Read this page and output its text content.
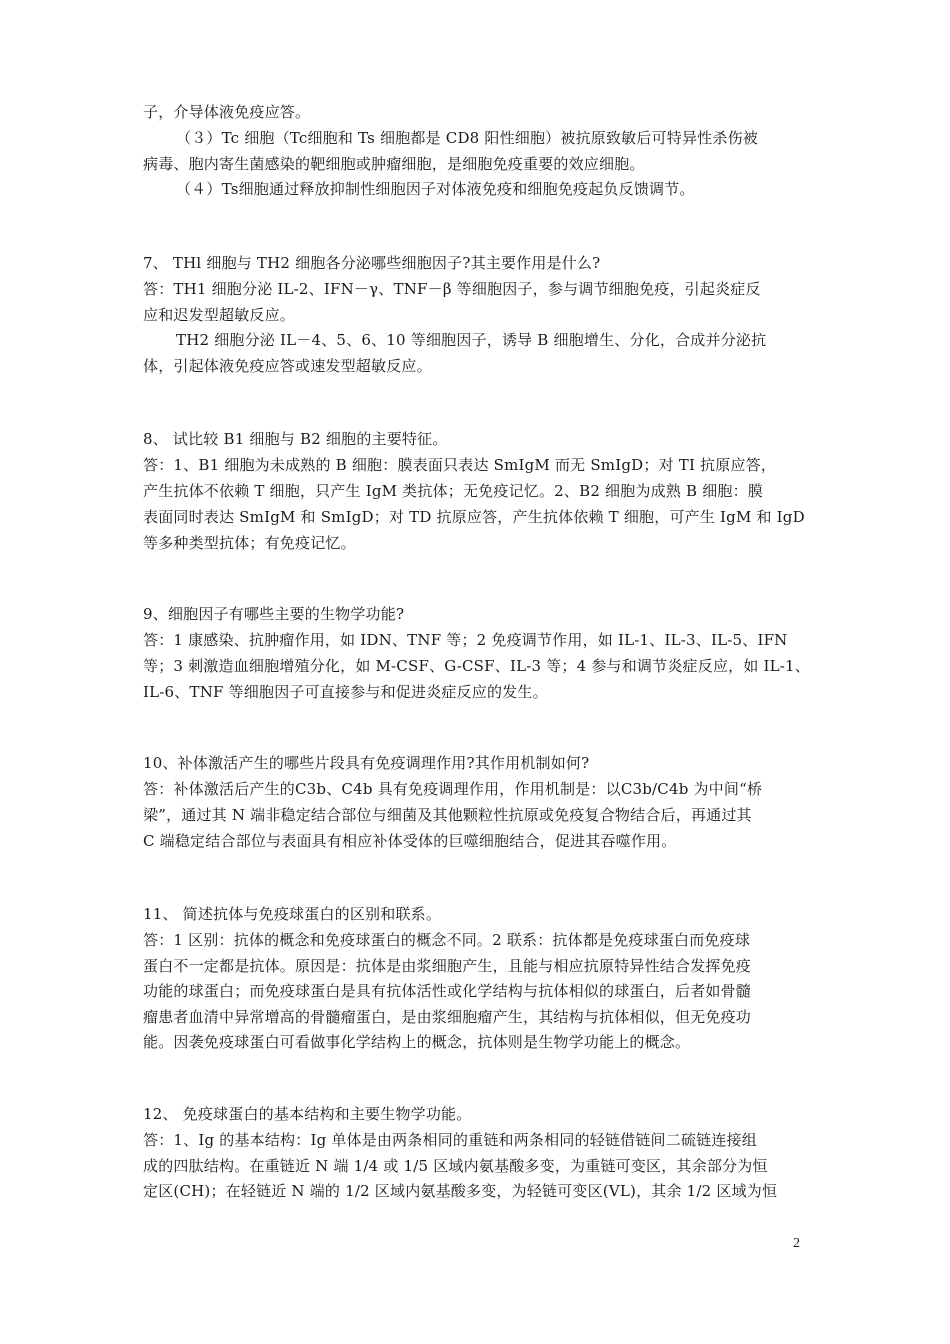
子，介导体液免疫应答。
（３）Tc 细胞（Tc细胞和 Ts 细胞都是 CD8 阳性细胞）被抗原致敏后可特异性杀伤被
病毒、胞内寄生菌感染的靶细胞或肿瘤细胞，是细胞免疫重要的效应细胞。
（４）Ts细胞通过释放抑制性细胞因子对体液免疫和细胞免疫起负反馈调节。
7、 THl 细胞与 TH2 细胞各分泌哪些细胞因子?其主要作用是什么?
答：TH1 细胞分泌 IL-2、IFN－γ、TNF－β 等细胞因子，参与调节细胞免疫，引起炎症反
应和迟发型超敏反应。
TH2 细胞分泌 IL－4、5、6、10 等细胞因子，诱导 B 细胞增生、分化，合成并分泌抗
体，引起体液免疫应答或速发型超敏反应。
8、 试比较 B1 细胞与 B2 细胞的主要特征。
答：1、B1 细胞为未成熟的 B 细胞：膜表面只表达 SmIgM 而无 SmIgD；对 TI 抗原应答，
产生抗体不依赖 T 细胞，只产生 IgM 类抗体；无免疫记忆。2、B2 细胞为成熟 B 细胞：膜
表面同时表达 SmIgM 和 SmIgD；对 TD 抗原应答，产生抗体依赖 T 细胞，可产生 IgM 和 IgD
等多种类型抗体；有免疫记忆。
9、细胞因子有哪些主要的生物学功能?
答：1 康感染、抗肿瘤作用，如 IDN、TNF 等；2 免疫调节作用，如 IL-1、IL-3、IL-5、IFN
等；3 刺激造血细胞增殖分化，如 M-CSF、G-CSF、IL-3 等；4 参与和调节炎症反应，如 IL-1、
IL-6、TNF 等细胞因子可直接参与和促进炎症反应的发生。
10、补体激活产生的哪些片段具有免疫调理作用?其作用机制如何?
答：补体激活后产生的C3b、C4b 具有免疫调理作用，作用机制是：以C3b/C4b 为中间“桥
梁”，通过其 N 端非稳定结合部位与细菌及其他颗粒性抗原或免疫复合物结合后，再通过其
C 端稳定结合部位与表面具有相应补体受体的巨噬细胞结合，促进其吞噬作用。
11、 简述抗体与免疫球蛋白的区别和联系。
答：1 区别：抗体的概念和免疫球蛋白的概念不同。2 联系：抗体都是免疫球蛋白而免疫球
蛋白不一定都是抗体。原因是：抗体是由浆细胞产生，且能与相应抗原特异性结合发挥免疫
功能的球蛋白；而免疫球蛋白是具有抗体活性或化学结构与抗体相似的球蛋白，后者如骨髓
瘤患者血清中异常增高的骨髓瘤蛋白，是由浆细胞瘤产生，其结构与抗体相似，但无免疫功
能。因袭免疫球蛋白可看做事化学结构上的概念，抗体则是生物学功能上的概念。
12、 免疫球蛋白的基本结构和主要生物学功能。
答：1、Ig 的基本结构：Ig 单体是由两条相同的重链和两条相同的轻链借链间二硫链连接组
成的四肽结构。在重链近 N 端 1/4 或 1/5 区域内氨基酸多变，为重链可变区，其余部分为恒
定区(CH)；在轻链近 N 端的 1/2 区域内氨基酸多变，为轻链可变区(VL)，其余 1/2 区域为恒
2
